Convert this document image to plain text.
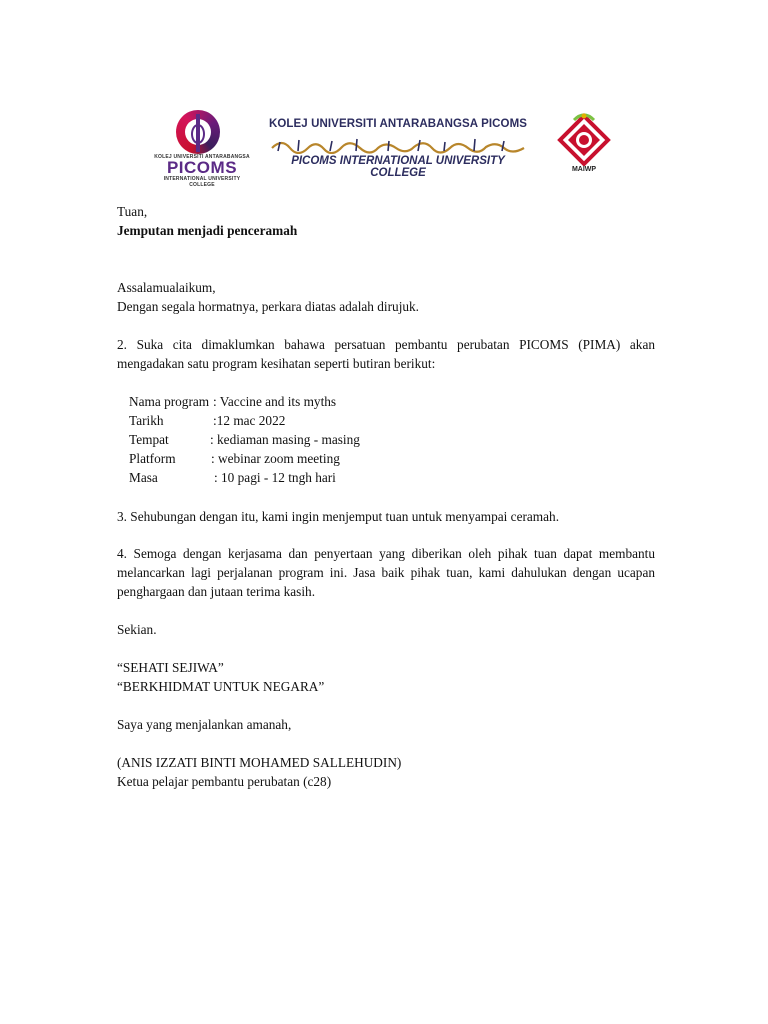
KOLEJ UNIVERSITI ANTARABANGSA
PICOMS
INTERNATIONAL UNIVERSITY COLLEGE
KOLEJ UNIVERSITI ANTARABANGSA PICOMS
PICOMS INTERNATIONAL UNIVERSITY COLLEGE	MAIWP

Tuan,

Jemputan menjadi penceramah

Assalamualaikum,

Dengan segala hormatnya, perkara diatas adalah dirujuk.

2. Suka cita dimaklumkan bahawa persatuan pembantu perubatan PICOMS (PIMA) akan mengadakan satu program kesihatan seperti butiran berikut:

Nama program : Vaccine and its myths
Tarikh	:12 mac 2022
Tempat	: kediaman masing - masing
Platform	: webinar zoom meeting
Masa	: 10 pagi - 12 tngh hari

3. Sehubungan dengan itu, kami ingin menjemput tuan untuk menyampai ceramah.

4. Semoga dengan kerjasama dan penyertaan yang diberikan oleh pihak tuan dapat membantu melancarkan lagi perjalanan program ini. Jasa baik pihak tuan, kami dahulukan dengan ucapan penghargaan dan jutaan terima kasih.

Sekian.

“SEHATI SEJIWA”

“BERKHIDMAT UNTUK NEGARA”

Saya yang menjalankan amanah,

(ANIS IZZATI BINTI MOHAMED SALLEHUDIN)

Ketua pelajar pembantu perubatan (c28)
